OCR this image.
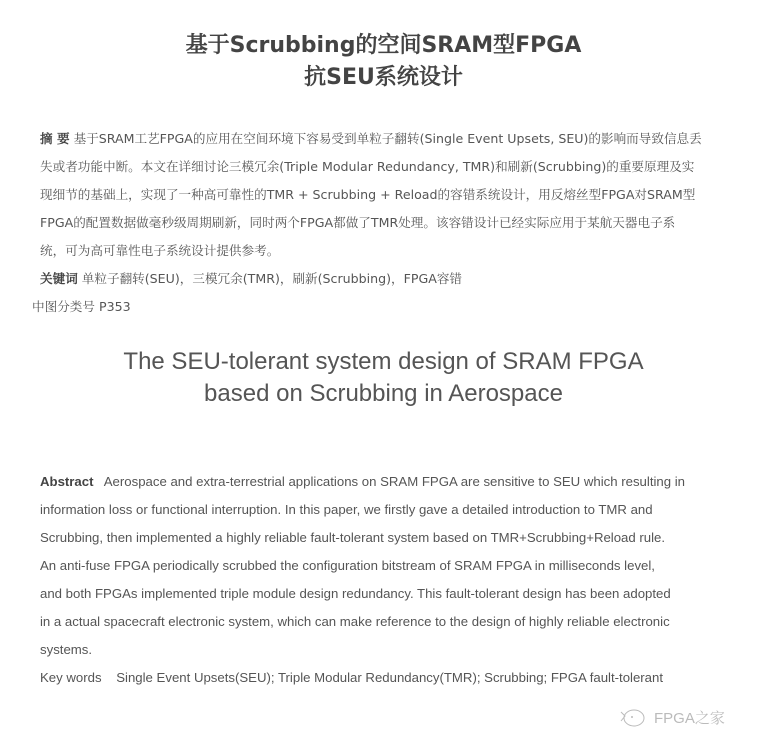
基于Scrubbing的空间SRAM型FPGA
抗SEU系统设计
摘 要 基于SRAM工艺FPGA的应用在空间环境下容易受到单粒子翻转(Single Event Upsets, SEU)的影响而导致信息丢
失或者功能中断。本文在详细讨论三模冗余(Triple Modular Redundancy, TMR)和刷新(Scrubbing)的重要原理及实
现细节的基础上，实现了一种高可靠性的TMR + Scrubbing + Reload的容错系统设计，用反熔丝型FPGA对SRAM型
FPGA的配置数据做毫秒级周期刷新，同时两个FPGA都做了TMR处理。该容错设计已经实际应用于某航天器电子系
统，可为高可靠性电子系统设计提供参考。
关键词 单粒子翻转(SEU)，三模冗余(TMR)，刷新(Scrubbing)，FPGA容错
中图分类号 P353
The SEU-tolerant system design of SRAM FPGA
based on Scrubbing in Aerospace
Abstract Aerospace and extra-terrestrial applications on SRAM FPGA are sensitive to SEU which resulting in
information loss or functional interruption. In this paper, we firstly gave a detailed introduction to TMR and
Scrubbing, then implemented a highly reliable fault-tolerant system based on TMR+Scrubbing+Reload rule.
An anti-fuse FPGA periodically scrubbed the configuration bitstream of SRAM FPGA in milliseconds level,
and both FPGAs implemented triple module design redundancy. This fault-tolerant design has been adopted
in a actual spacecraft electronic system, which can make reference to the design of highly reliable electronic
systems.
Key words Single Event Upsets(SEU); Triple Modular Redundancy(TMR); Scrubbing; FPGA fault-tolerant
FPGA之家
